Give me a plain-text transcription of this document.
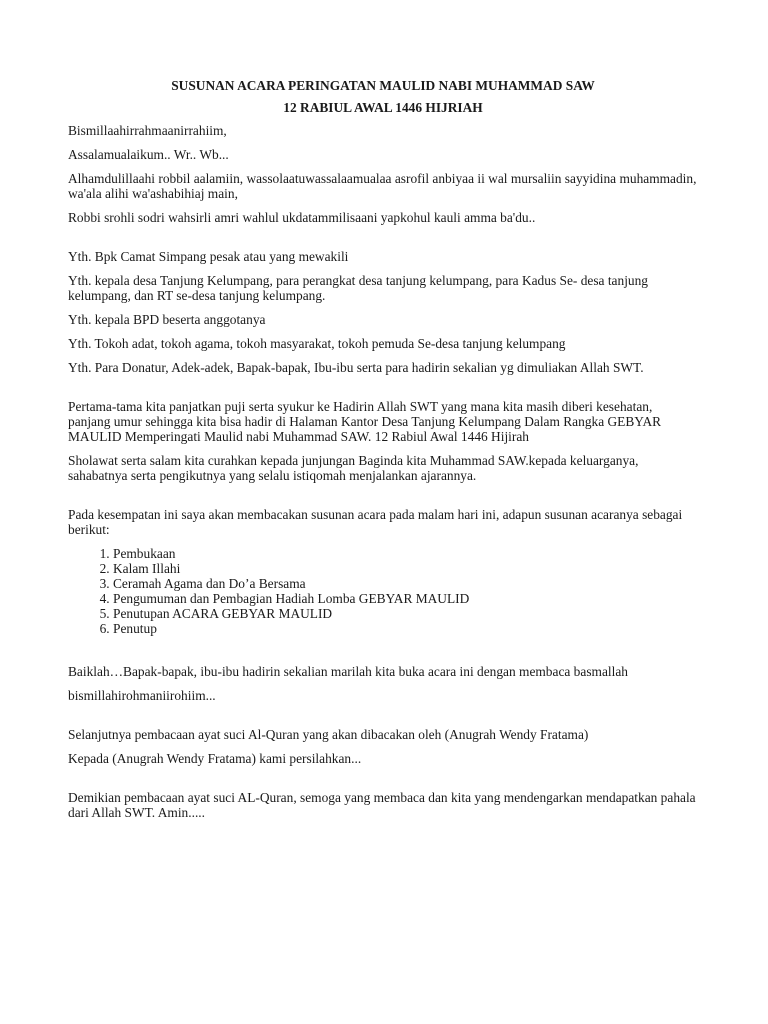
SUSUNAN ACARA PERINGATAN MAULID NABI MUHAMMAD SAW

12 RABIUL AWAL 1446 HIJRIAH

Bismillaahirrahmaanirrahiim,

Assalamualaikum.. Wr.. Wb...

Alhamdulillaahi robbil aalamiin, wassolaatuwassalaamualaa asrofil anbiyaa ii wal mursaliin sayyidina muhammadin, wa'ala alihi wa'ashabihiaj main,

Robbi srohli sodri wahsirli amri wahlul ukdatammilisaani yapkohul kauli amma ba'du..

Yth. Bpk Camat Simpang pesak atau yang mewakili

Yth. kepala desa Tanjung Kelumpang, para perangkat desa tanjung kelumpang, para Kadus Se- desa tanjung kelumpang, dan RT se-desa tanjung kelumpang.

Yth. kepala BPD beserta anggotanya

Yth. Tokoh adat, tokoh agama, tokoh masyarakat, tokoh pemuda Se-desa tanjung kelumpang

Yth. Para Donatur, Adek-adek, Bapak-bapak, Ibu-ibu serta para hadirin sekalian yg dimuliakan Allah SWT.

Pertama-tama kita panjatkan puji serta syukur ke Hadirin Allah SWT yang mana kita masih diberi kesehatan, panjang umur sehingga kita bisa hadir di Halaman Kantor Desa Tanjung Kelumpang Dalam Rangka GEBYAR MAULID Memperingati Maulid nabi Muhammad SAW. 12 Rabiul Awal 1446 Hijirah

Sholawat serta salam kita curahkan kepada junjungan Baginda kita Muhammad SAW.kepada keluarganya, sahabatnya serta pengikutnya yang selalu istiqomah menjalankan ajarannya.

Pada kesempatan ini saya akan membacakan susunan acara pada malam hari ini, adapun susunan acaranya sebagai berikut:

1. Pembukaan
2. Kalam Illahi
3. Ceramah Agama dan Do’a Bersama
4. Pengumuman dan Pembagian Hadiah Lomba GEBYAR MAULID
5. Penutupan ACARA GEBYAR MAULID
6. Penutup

Baiklah…Bapak-bapak, ibu-ibu hadirin sekalian marilah kita buka acara ini dengan membaca basmallah

bismillahirohmaniirohiim...

Selanjutnya pembacaan ayat suci Al-Quran yang akan dibacakan oleh (Anugrah Wendy Fratama)

Kepada (Anugrah Wendy Fratama) kami persilahkan...

Demikian pembacaan ayat suci AL-Quran, semoga yang membaca dan kita yang mendengarkan mendapatkan pahala dari Allah SWT. Amin.....
